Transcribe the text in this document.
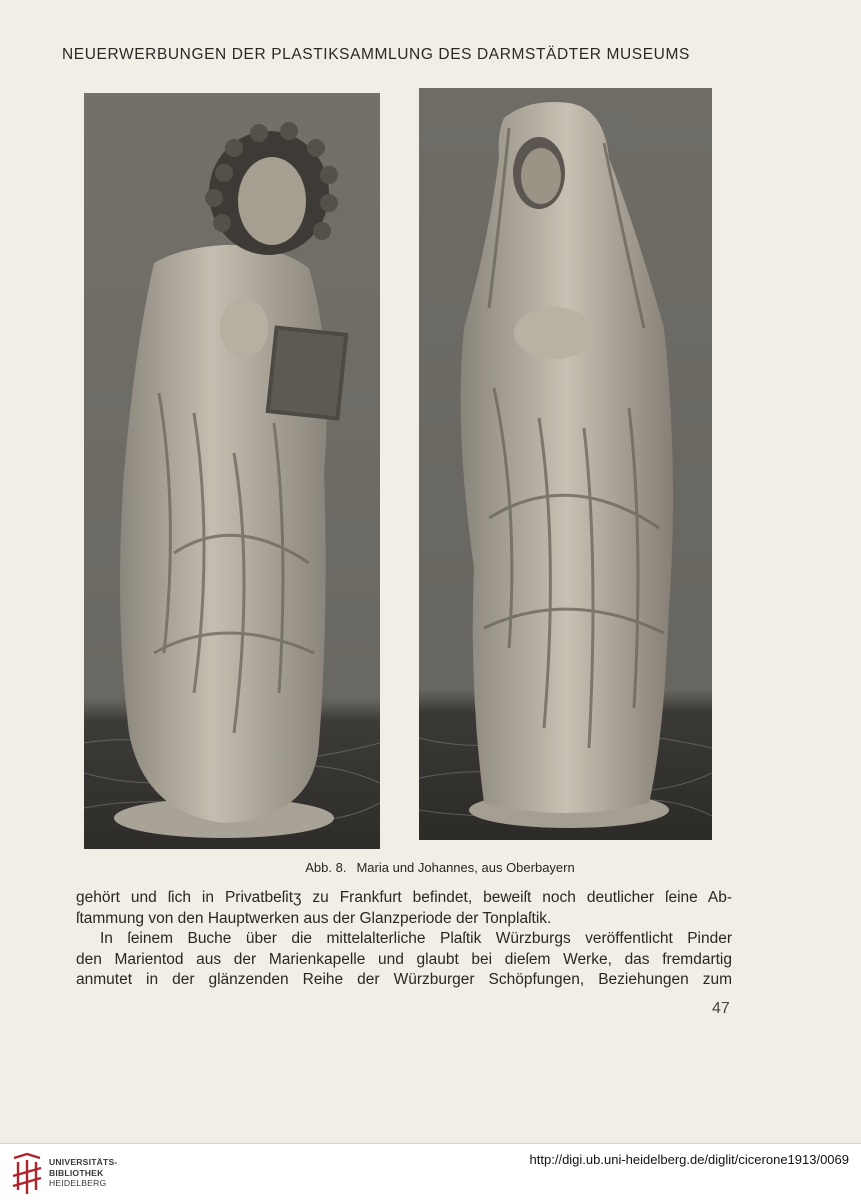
NEUERWERBUNGEN DER PLASTIKSAMMLUNG DES DARMSTÄDTER MUSEUMS
Abb. 8. Maria und Johannes, aus Oberbayern
gehört und ſich in Privatbeſitʒ zu Frankfurt befindet, beweiſt noch deutlicher ſeine Ab-
ſtammung von den Hauptwerken aus der Glanzperiode der Tonplaſtik.
In ſeinem Buche über die mittelalterliche Plaſtik Würzburgs veröffentlicht Pinder
den Marientod aus der Marienkapelle und glaubt bei dieſem Werke, das fremdartig
anmutet in der glänzenden Reihe der Würzburger Schöpfungen, Beziehungen zum
47
UNIVERSITÄTS-
BIBLIOTHEK
HEIDELBERG
http://digi.ub.uni-heidelberg.de/diglit/cicerone1913/0069
